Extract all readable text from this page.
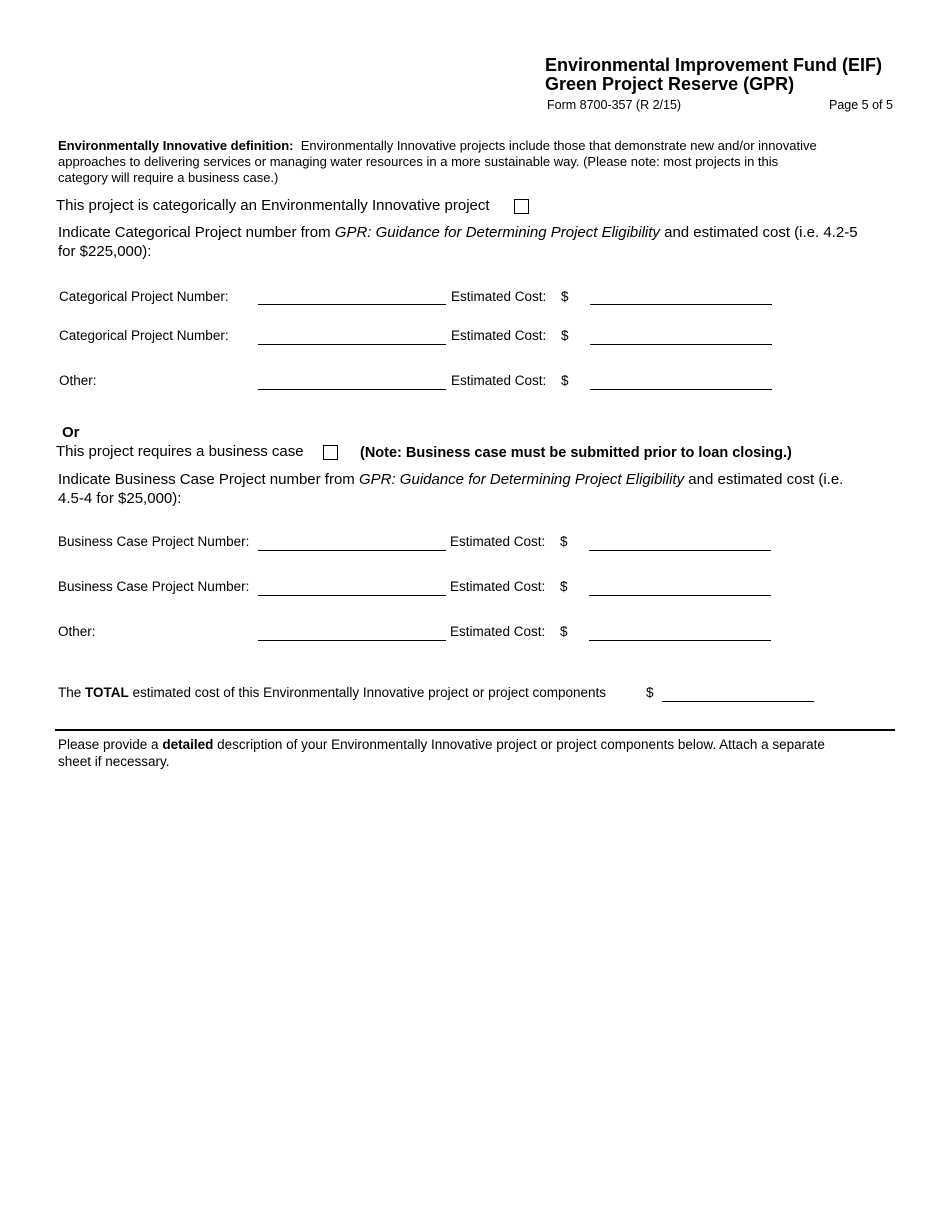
Environmental Improvement Fund (EIF)
Green Project Reserve (GPR)
Form 8700-357 (R 2/15)	Page 5 of 5
Environmentally Innovative definition: Environmentally Innovative projects include those that demonstrate new and/or innovative
approaches to delivering services or managing water resources in a more sustainable way. (Please note: most projects in this
category will require a business case.)
This project is categorically an Environmentally Innovative project
Indicate Categorical Project number from GPR: Guidance for Determining Project Eligibility and estimated cost (i.e. 4.2-5
for $225,000):
Categorical Project Number:	Estimated Cost: $
Categorical Project Number:	Estimated Cost: $
Other:	Estimated Cost: $
Or
This project requires a business case	(Note: Business case must be submitted prior to loan closing.)
Indicate Business Case Project number from GPR: Guidance for Determining Project Eligibility and estimated cost (i.e.
4.5-4 for $25,000):
Business Case Project Number:	Estimated Cost: $
Business Case Project Number:	Estimated Cost: $
Other:	Estimated Cost: $
The TOTAL estimated cost of this Environmentally Innovative project or project components	$
Please provide a detailed description of your Environmentally Innovative project or project components below. Attach a separate
sheet if necessary.
